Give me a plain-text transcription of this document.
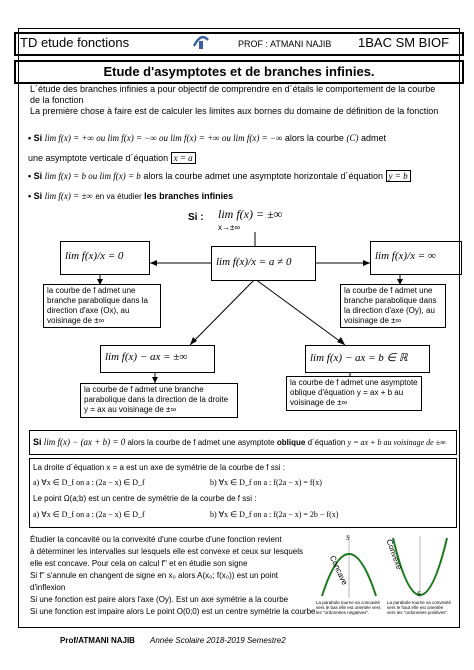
TD etude fonctions	PROF : ATMANI NAJIB 1BAC SM BIOF
Etude d'asymptotes et de branches infinies.
L´étude des branches infinies a pour objectif de comprendre en d´étails le comportement de la courbe de la fonction
La première chose à faire est de calculer les limites aux bornes du domaine de définition de la fonction
• Si lim f(x) = +∞ ou lim f(x) = −∞ ou lim f(x) = +∞ ou lim f(x) = −∞ alors la courbe (C) admet
une asymptote verticale d´équation x = a
• Si lim f(x) = b ou lim f(x) = b alors la courbe admet une asymptote horizontale d´équation y = b
• Si lim f(x) = ±∞ en va étudier les branches infinies
Si : lim f(x) = ±∞
x→±∞
lim f(x)/x = 0	lim f(x)/x = a ≠ 0	lim f(x)/x = ∞
la courbe de f admet une branche parabolique dans la direction d'axe (Ox), au voisinage de ±∞
la courbe de f admet une branche parabolique dans la direction d'axe (Oy), au voisinage de ±∞
lim f(x) − ax = ±∞	lim f(x) − ax = b ∈ ℝ
la courbe de f admet une branche parabolique dans la direction de la droite y = ax au voisinage de ±∞
la courbe de f admet une asymptote oblique d'équation y = ax + b au voisinage de ±∞
Si lim f(x) − (ax + b) = 0 alors la courbe de f admet une asymptote oblique d´équation y = ax + b au voisinage de ±∞
La droite d´équation x = a est un axe de symétrie de la courbe de f ssi :
a) ∀x ∈ D_f on a : (2a − x) ∈ D_f	b) ∀x ∈ D_f on a : f(2a − x) = f(x)
Le point Ω(a;b) est un centre de symétrie de la courbe de f ssi :
a) ∀x ∈ D_f on a : (2a − x) ∈ D_f	b) ∀x ∈ D_f on a : f(2a − x) = 2b − f(x)
Étudier la concavité ou la convexité d'une courbe d'une fonction revient
à déterminer les intervalles sur lesquels elle est convexe et ceux sur lesquels
elle est concave. Pour cela on calcul f'' et en étudie son signe
Si f'' s'annule en changent de signe en x₀ alors A(x₀; f(x₀)) est un point
d'inflexion
Si une fonction est paire alors l'axe (Oy). Est un axe symétrie a la courbe
Si une fonction est impaire alors Le point O(0;0) est un centre symétrie la courbe
S
Concave
La parabole tourne sa concavité vers le bas elle est orientée vers les "ordonnées négatives".
S
Convexe
La parabole tourne sa convexité vers le haut elle est orientée vers les "ordonnées positives".
Prof/ATMANI NAJIB Année Scolaire 2018-2019 Semestre2
